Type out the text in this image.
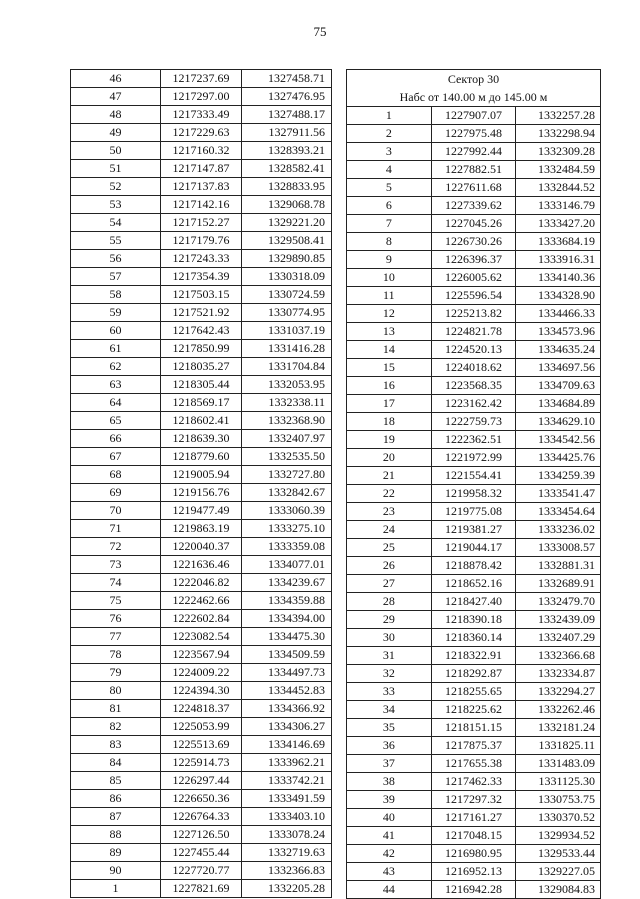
75
46	1217237.69	1327458.71
47	1217297.00	1327476.95
48	1217333.49	1327488.17
49	1217229.63	1327911.56
50	1217160.32	1328393.21
51	1217147.87	1328582.41
52	1217137.83	1328833.95
53	1217142.16	1329068.78
54	1217152.27	1329221.20
55	1217179.76	1329508.41
56	1217243.33	1329890.85
57	1217354.39	1330318.09
58	1217503.15	1330724.59
59	1217521.92	1330774.95
60	1217642.43	1331037.19
61	1217850.99	1331416.28
62	1218035.27	1331704.84
63	1218305.44	1332053.95
64	1218569.17	1332338.11
65	1218602.41	1332368.90
66	1218639.30	1332407.97
67	1218779.60	1332535.50
68	1219005.94	1332727.80
69	1219156.76	1332842.67
70	1219477.49	1333060.39
71	1219863.19	1333275.10
72	1220040.37	1333359.08
73	1221636.46	1334077.01
74	1222046.82	1334239.67
75	1222462.66	1334359.88
76	1222602.84	1334394.00
77	1223082.54	1334475.30
78	1223567.94	1334509.59
79	1224009.22	1334497.73
80	1224394.30	1334452.83
81	1224818.37	1334366.92
82	1225053.99	1334306.27
83	1225513.69	1334146.69
84	1225914.73	1333962.21
85	1226297.44	1333742.21
86	1226650.36	1333491.59
87	1226764.33	1333403.10
88	1227126.50	1333078.24
89	1227455.44	1332719.63
90	1227720.77	1332366.83
1	1227821.69	1332205.28
Сектор 30
Набс от 140.00 м до 145.00 м		

1	1227907.07	1332257.28
2	1227975.48	1332298.94
3	1227992.44	1332309.28
4	1227882.51	1332484.59
5	1227611.68	1332844.52
6	1227339.62	1333146.79
7	1227045.26	1333427.20
8	1226730.26	1333684.19
9	1226396.37	1333916.31
10	1226005.62	1334140.36
11	1225596.54	1334328.90
12	1225213.82	1334466.33
13	1224821.78	1334573.96
14	1224520.13	1334635.24
15	1224018.62	1334697.56
16	1223568.35	1334709.63
17	1223162.42	1334684.89
18	1222759.73	1334629.10
19	1222362.51	1334542.56
20	1221972.99	1334425.76
21	1221554.41	1334259.39
22	1219958.32	1333541.47
23	1219775.08	1333454.64
24	1219381.27	1333236.02
25	1219044.17	1333008.57
26	1218878.42	1332881.31
27	1218652.16	1332689.91
28	1218427.40	1332479.70
29	1218390.18	1332439.09
30	1218360.14	1332407.29
31	1218322.91	1332366.68
32	1218292.87	1332334.87
33	1218255.65	1332294.27
34	1218225.62	1332262.46
35	1218151.15	1332181.24
36	1217875.37	1331825.11
37	1217655.38	1331483.09
38	1217462.33	1331125.30
39	1217297.32	1330753.75
40	1217161.27	1330370.52
41	1217048.15	1329934.52
42	1216980.95	1329533.44
43	1216952.13	1329227.05
44	1216942.28	1329084.83
